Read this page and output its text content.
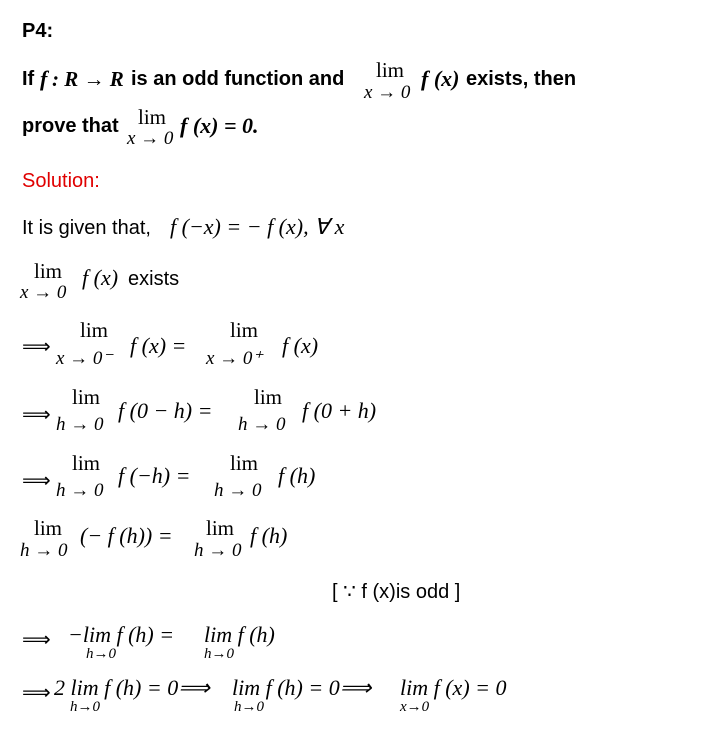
P4:
If f : R → R is an odd function and lim
x → 0
f (x) exists, then
prove that lim
x → 0
f (x) = 0.
Solution:
It is given that, f (−x) = − f (x), ∀ x
lim
x → 0
f (x) exists
⟹
lim
x → 0⁻
f (x) =
lim
x → 0⁺
f (x)
⟹
lim
h → 0
f (0 − h) =
lim
h → 0
f (0 + h)
⟹
lim
h → 0
f (−h) = lim
h → 0
f (h)
lim
h → 0
(− f (h)) = lim
h → 0
f (h)
[ ∵ f (x)is odd ]
⟹ −lim f (h) =
h→0
lim f (h)
h→0
⟹ 2 lim f (h) = 0⟹
h→0
lim f (h) = 0⟹
h→0
lim f (x) = 0
x→0
